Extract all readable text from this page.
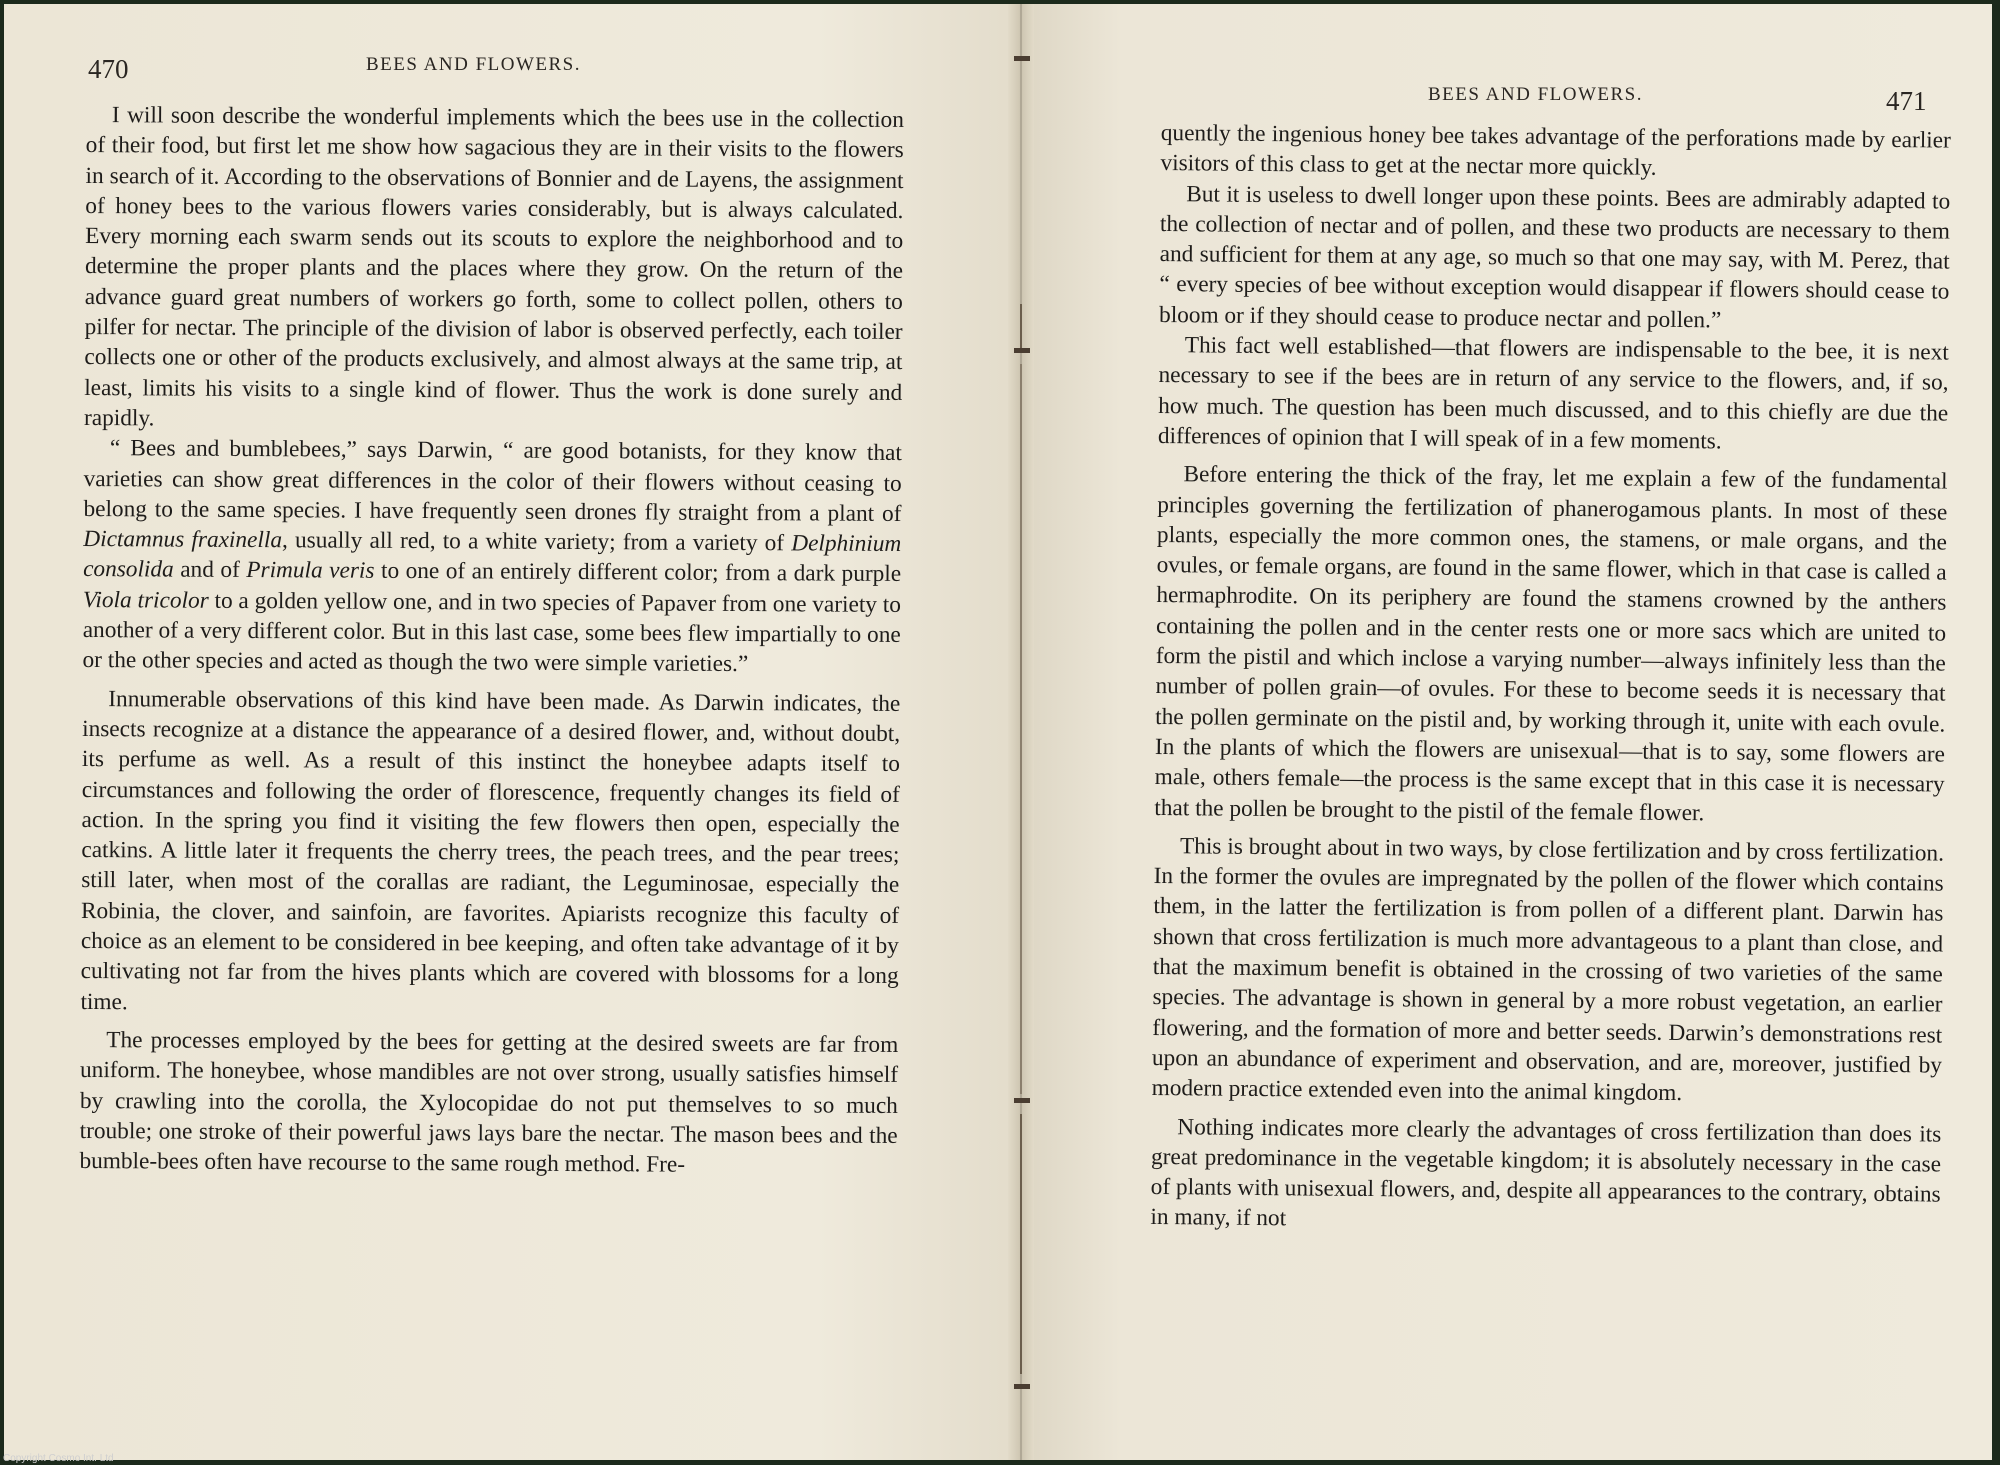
470	BEES AND FLOWERS.

I will soon describe the wonderful implements which the bees use in the collection of their food, but first let me show how sagacious they are in their visits to the flowers in search of it. According to the observations of Bonnier and de Layens, the assignment of honey bees to the various flowers varies considerably, but is always calculated. Every morning each swarm sends out its scouts to explore the neighborhood and to determine the proper plants and the places where they grow. On the return of the advance guard great numbers of workers go forth, some to collect pollen, others to pilfer for nectar. The principle of the division of labor is observed perfectly, each toiler collects one or other of the products exclusively, and almost always at the same trip, at least, limits his visits to a single kind of flower. Thus the work is done surely and rapidly.

“ Bees and bumblebees,” says Darwin, “ are good botanists, for they know that varieties can show great differences in the color of their flowers without ceasing to belong to the same species. I have frequently seen drones fly straight from a plant of Dictamnus fraxinella, usually all red, to a white variety; from a variety of Delphinium consolida and of Primula veris to one of an entirely different color; from a dark purple Viola tricolor to a golden yellow one, and in two species of Papaver from one variety to another of a very different color. But in this last case, some bees flew impartially to one or the other species and acted as though the two were simple varieties.”

Innumerable observations of this kind have been made. As Darwin indicates, the insects recognize at a distance the appearance of a desired flower, and, without doubt, its perfume as well. As a result of this instinct the honeybee adapts itself to circumstances and following the order of florescence, frequently changes its field of action. In the spring you find it visiting the few flowers then open, especially the catkins. A little later it frequents the cherry trees, the peach trees, and the pear trees; still later, when most of the corallas are radiant, the Leguminosae, especially the Robinia, the clover, and sainfoin, are favorites. Apiarists recognize this faculty of choice as an element to be considered in bee keeping, and often take advantage of it by cultivating not far from the hives plants which are covered with blossoms for a long time.

The processes employed by the bees for getting at the desired sweets are far from uniform. The honeybee, whose mandibles are not over strong, usually satisfies himself by crawling into the corolla, the Xylocopidae do not put themselves to so much trouble; one stroke of their powerful jaws lays bare the nectar. The mason bees and the bumble-bees often have recourse to the same rough method. Fre-

BEES AND FLOWERS.	471

quently the ingenious honey bee takes advantage of the perforations made by earlier visitors of this class to get at the nectar more quickly.

But it is useless to dwell longer upon these points. Bees are admirably adapted to the collection of nectar and of pollen, and these two products are necessary to them and sufficient for them at any age, so much so that one may say, with M. Perez, that “ every species of bee without exception would disappear if flowers should cease to bloom or if they should cease to produce nectar and pollen.”

This fact well established—that flowers are indispensable to the bee, it is next necessary to see if the bees are in return of any service to the flowers, and, if so, how much. The question has been much discussed, and to this chiefly are due the differences of opinion that I will speak of in a few moments.

Before entering the thick of the fray, let me explain a few of the fundamental principles governing the fertilization of phanerogamous plants. In most of these plants, especially the more common ones, the stamens, or male organs, and the ovules, or female organs, are found in the same flower, which in that case is called a hermaphrodite. On its periphery are found the stamens crowned by the anthers containing the pollen and in the center rests one or more sacs which are united to form the pistil and which inclose a varying number—always infinitely less than the number of pollen grain—of ovules. For these to become seeds it is necessary that the pollen germinate on the pistil and, by working through it, unite with each ovule. In the plants of which the flowers are unisexual—that is to say, some flowers are male, others female—the process is the same except that in this case it is necessary that the pollen be brought to the pistil of the female flower.

This is brought about in two ways, by close fertilization and by cross fertilization. In the former the ovules are impregnated by the pollen of the flower which contains them, in the latter the fertilization is from pollen of a different plant. Darwin has shown that cross fertilization is much more advantageous to a plant than close, and that the maximum benefit is obtained in the crossing of two varieties of the same species. The advantage is shown in general by a more robust vegetation, an earlier flowering, and the formation of more and better seeds. Darwin’s demonstrations rest upon an abundance of experiment and observation, and are, moreover, justified by modern practice extended even into the animal kingdom.

Nothing indicates more clearly the advantages of cross fertilization than does its great predominance in the vegetable kingdom; it is absolutely necessary in the case of plants with unisexual flowers, and, despite all appearances to the contrary, obtains in many, if not

Copyright Cosmo Int. Ltd
